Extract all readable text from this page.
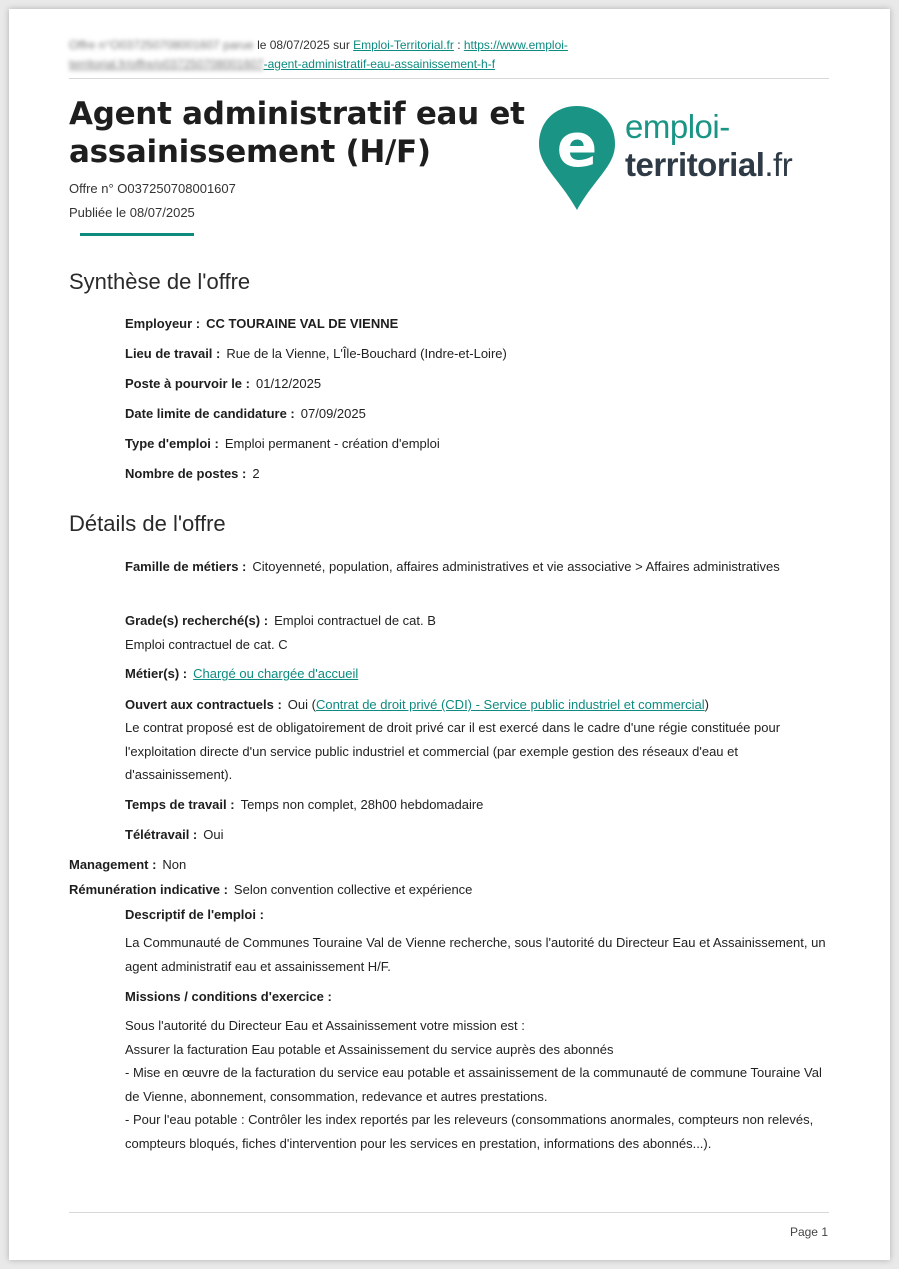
Offre n°O037250708001607 parue le 08/07/2025 sur Emploi-Territorial.fr : https://www.emploi-
territorial.fr/offre/o037250708001607-agent-administratif-eau-assainissement-h-f
Agent administratif eau et assainissement (H/F)
Offre n° O037250708001607
Publiée le 08/07/2025
e emploi-
territorial.fr
Synthèse de l'offre
Employeur : CC TOURAINE VAL DE VIENNE
Lieu de travail : Rue de la Vienne, L'Île-Bouchard (Indre-et-Loire)
Poste à pourvoir le : 01/12/2025
Date limite de candidature : 07/09/2025
Type d'emploi : Emploi permanent - création d'emploi
Nombre de postes : 2
Détails de l'offre
Famille de métiers : Citoyenneté, population, affaires administratives et vie associative > Affaires administratives
Grade(s) recherché(s) : Emploi contractuel de cat. B
Emploi contractuel de cat. C
Métier(s) : Chargé ou chargée d'accueil
Ouvert aux contractuels : Oui (Contrat de droit privé (CDI) - Service public industriel et commercial)

Le contrat proposé est de obligatoirement de droit privé car il est exercé dans le cadre d'une régie constituée pour l'exploitation directe d'un service public industriel et commercial (par exemple gestion des réseaux d'eau et d'assainissement).

Temps de travail : Temps non complet, 28h00 hebdomadaire
Télétravail : Oui
Management : Non
Rémunération indicative : Selon convention collective et expérience
Descriptif de l'emploi :

La Communauté de Communes Touraine Val de Vienne recherche, sous l'autorité du Directeur Eau et Assainissement, un agent administratif eau et assainissement H/F.

Missions / conditions d'exercice :

Sous l'autorité du Directeur Eau et Assainissement votre mission est :

Assurer la facturation Eau potable et Assainissement du service auprès des abonnés

- Mise en œuvre de la facturation du service eau potable et assainissement de la communauté de commune Touraine Val de Vienne, abonnement, consommation, redevance et autres prestations.

- Pour l'eau potable : Contrôler les index reportés par les releveurs (consommations anormales, compteurs non relevés, compteurs bloqués, fiches d'intervention pour les services en prestation, informations des abonnés...).

Page 1
